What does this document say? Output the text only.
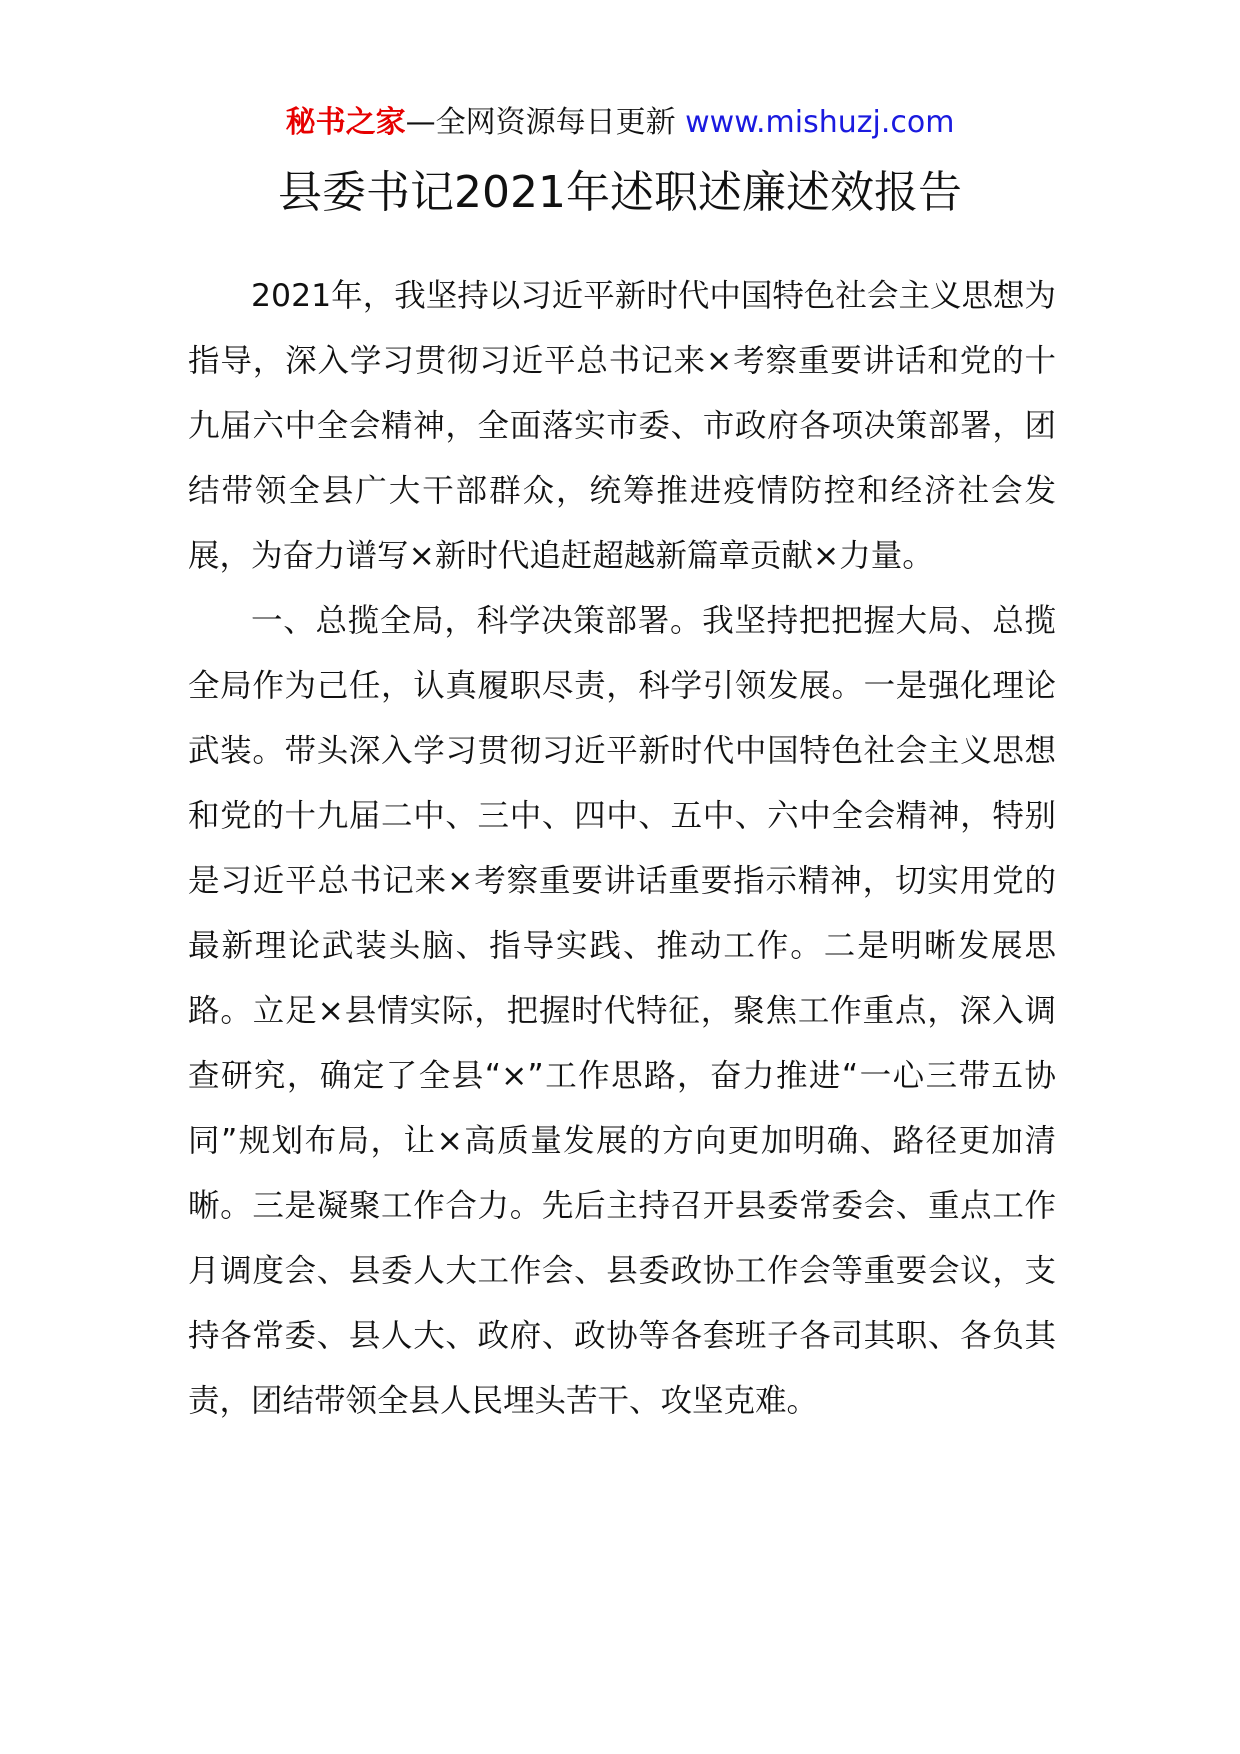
秘书之家—全网资源每日更新 www.mishuzj.com
县委书记2021年述职述廉述效报告

2021年，我坚持以习近平新时代中国特色社会主义思想为指导，深入学习贯彻习近平总书记来×考察重要讲话和党的十九届六中全会精神，全面落实市委、市政府各项决策部署，团结带领全县广大干部群众，统筹推进疫情防控和经济社会发展，为奋力谱写×新时代追赶超越新篇章贡献×力量。

一、总揽全局，科学决策部署。我坚持把把握大局、总揽全局作为己任，认真履职尽责，科学引领发展。一是强化理论武装。带头深入学习贯彻习近平新时代中国特色社会主义思想和党的十九届二中、三中、四中、五中、六中全会精神，特别是习近平总书记来×考察重要讲话重要指示精神，切实用党的最新理论武装头脑、指导实践、推动工作。二是明晰发展思路。立足×县情实际，把握时代特征，聚焦工作重点，深入调查研究，确定了全县“×”工作思路，奋力推进“一心三带五协同”规划布局，让×高质量发展的方向更加明确、路径更加清晰。三是凝聚工作合力。先后主持召开县委常委会、重点工作月调度会、县委人大工作会、县委政协工作会等重要会议，支持各常委、县人大、政府、政协等各套班子各司其职、各负其责，团结带领全县人民埋头苦干、攻坚克难。
